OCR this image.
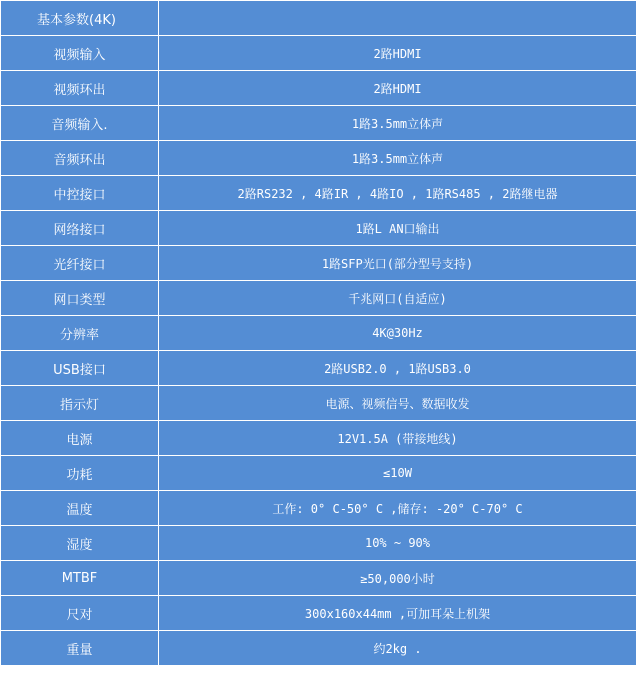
基本参数(4K)	
视频输入	2路HDMI
视频环出	2路HDMI
音频输入.	1路3.5mm立体声
音频环出	1路3.5mm立体声
中控接口	2路RS232 , 4路IR , 4路IO , 1路RS485 , 2路继电器
网络接口	1路L AN口输出
光纤接口	1路SFP光口(部分型号支持)
网口类型	千兆网口(自适应)
分辨率	4K@30Hz
USB接口	2路USB2.0 , 1路USB3.0
指示灯	电源、视频信号、数据收发
电源	12V1.5A (带接地线)
功耗	≤10W
温度	工作: 0° C-50° C ,储存: -20° C-70° C
湿度	10% ~ 90%
MTBF	≥50,000小时
尺对	300x160x44mm ,可加耳朵上机架
重量	约2kg .
